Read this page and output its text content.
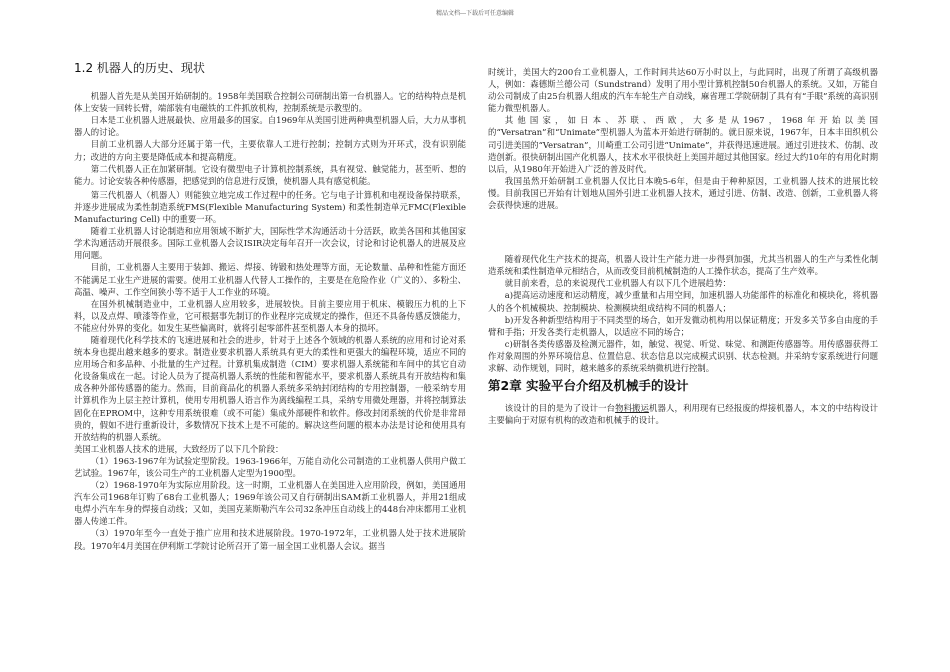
精品文档---下载后可任意编辑
1.2 机器人的历史、现状

机器人首先是从美国开始研制的。1958年美国联合控制公司研制出第一台机器人。它的结构特点是机体上安装一回转长臂，端部装有电磁铁的工件抓放机构，控制系统是示教型的。

日本是工业机器人进展最快、应用最多的国家。自1969年从美国引进两种典型机器人后，大力从事机器人的讨论。

目前工业机器人大部分还属于第一代，主要依靠人工进行控制；控制方式则为开环式，没有识别能力；改进的方向主要是降低成本和提高精度。

第二代机器人正在加紧研制。它设有微型电子计算机控制系统，具有视觉、触觉能力，甚至听、想的能力。讨论安装各种传感器，把感觉到的信息进行反馈，使机器人具有感觉机能。

第三代机器人（机器人）则能独立地完成工作过程中的任务。它与电子计算机和电视设备保持联系，并逐步进展成为柔性制造系统FMS(Flexible Manufacturing System) 和柔性制造单元FMC(Flexible Manufacturing Cell) 中的重要一环。

随着工业机器人讨论制造和应用领域不断扩大，国际性学术沟通活动十分活跃，欧美各国和其他国家学术沟通活动开展很多。国际工业机器人会议ISIR决定每年召开一次会议，讨论和讨论机器人的进展及应用问题。

目前，工业机器人主要用于装卸、搬运、焊接、铸锻和热处理等方面，无论数量、品种和性能方面还不能满足工业生产进展的需要。使用工业机器人代替人工操作的，主要是在危险作业（广义的）、多粉尘、高温、噪声、工作空间狭小等不适于人工作业的环境。

在国外机械制造业中，工业机器人应用较多，进展较快。目前主要应用于机床、模锻压力机的上下料，以及点焊、喷漆等作业，它可根据事先制订的作业程序完成规定的操作，但还不具备传感反馈能力，不能应付外界的变化。如发生某些偏离时，就将引起零部件甚至机器人本身的损坏。

随着现代化科学技术的飞速进展和社会的进步，针对于上述各个领域的机器人系统的应用和讨论对系统本身也提出越来越多的要求。制造业要求机器人系统具有更大的柔性和更强大的编程环境，适应不同的应用场合和多品种、小批量的生产过程。计算机集成制造（CIM）要求机器人系统能和车间中的其它自动化设备集成在一起。讨论人员为了提高机器人系统的性能和智能水平，要求机器人系统具有开放结构和集成各种外部传感器的能力。然而，目前商品化的机器人系统多采纳封闭结构的专用控制器，一般采纳专用计算机作为上层主控计算机，使用专用机器人语言作为离线编程工具，采纳专用微处理器，并将控制算法固化在EPROM中，这种专用系统很难（或不可能）集成外部硬件和软件。修改封闭系统的代价是非常昂贵的，假如不进行重新设计，多数情况下技术上是不可能的。解决这些问题的根本办法是讨论和使用具有开放结构的机器人系统。

美国工业机器人技术的进展，大致经历了以下几个阶段：

（1）1963-1967年为试验定型阶段。1963-1966年，万能自动化公司制造的工业机器人供用户做工艺试验。1967年，该公司生产的工业机器人定型为1900型。

（2）1968-1970年为实际应用阶段。这一时期，工业机器人在美国进入应用阶段，例如，美国通用汽车公司1968年订购了68台工业机器人；1969年该公司又自行研制出SAM新工业机器人，并用21组成电焊小汽车车身的焊接自动线；又如，美国克莱斯勒汽车公司32条冲压自动线上的448台冲床都用工业机器人传递工件。

（3）1970年至今一直处于推广应用和技术进展阶段。1970-1972年，工业机器人处于技术进展阶段。1970年4月美国在伊利斯工学院讨论所召开了第一届全国工业机器人会议。据当

时统计，美国大约200台工业机器人，工作时间共达60万小时以上，与此同时，出现了所谓了高级机器人，例如：森德斯兰德公司（Sundstrand）发明了用小型计算机控制50台机器人的系统。又如，万能自动公司制成了由25台机器人组成的汽车车轮生产自动线，麻省理工学院研制了具有有“手眼”系统的高识别能力微型机器人。

其他国家，如日本、苏联、西欧，大多是从1967，1968年开始以美国的“Versatran”和“Unimate”型机器人为蓝本开始进行研制的。就日原来说，1967年，日本丰田织机公司引进美国的“Versatran”，川崎重工公司引进“Unimate”，并获得迅速进展。通过引进技术、仿制、改造创新。很快研制出国产化机器人，技术水平很快赶上美国并超过其他国家。经过大约10年的有用化时期以后，从1980年开始进入广泛的普及时代。

我国虽然开始研制工业机器人仅比日本晚5-6年，但是由于种种原因，工业机器人技术的进展比较慢。目前我国已开始有计划地从国外引进工业机器人技术，通过引进、仿制、改造、创新，工业机器人将会获得快速的进展。

随着现代化生产技术的提高，机器人设计生产能力进一步得到加强，尤其当机器人的生产与柔性化制造系统和柔性制造单元相结合，从而改变目前机械制造的人工操作状态，提高了生产效率。

就目前来看，总的来说现代工业机器人有以下几个进展趋势：

a)提高运动速度和运动精度，减少重量和占用空间，加速机器人功能部件的标准化和模块化，将机器人的各个机械模块、控制模块、检测模块组成结构不同的机器人；

b)开发各种新型结构用于不同类型的场合，如开发微动机构用以保证精度；开发多关节多自由度的手臂和手指；开发各类行走机器人，以适应不同的场合；

c)研制各类传感器及检测元器件，如，触觉、视觉、听觉、味觉、和测距传感器等。用传感器获得工作对象周围的外界环境信息、位置信息、状态信息以完成模式识别、状态检测。并采纳专家系统进行问题求解、动作规划，同时，越来越多的系统采纳微机进行控制。

第2章 实验平台介绍及机械手的设计

该设计的目的是为了设计一台物料搬运机器人，利用现有已经报废的焊接机器人，本文的中结构设计主要偏向于对原有机构的改造和机械手的设计。
